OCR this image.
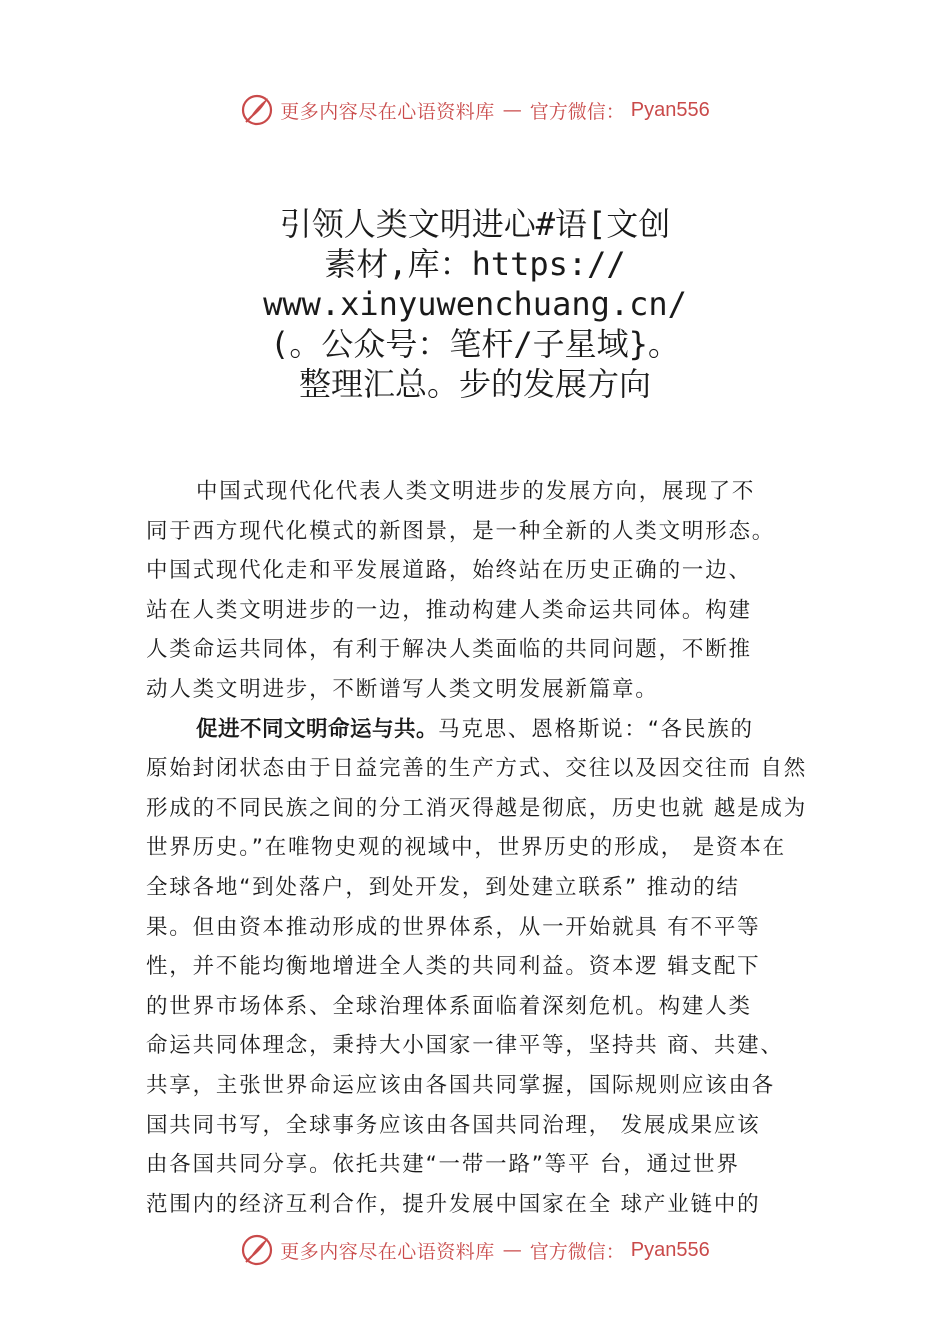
更多内容尽在心语资料库 — 官方微信： Pyan556
引领人类文明进心#语[文创
素材,库：https://
www.xinyuwenchuang.cn/
(。公众号：笔杆/子星域}。
整理汇总。步的发展方向
中国式现代化代表人类文明进步的发展方向，展现了不
同于西方现代化模式的新图景，是一种全新的人类文明形态。
中国式现代化走和平发展道路，始终站在历史正确的一边、
站在人类文明进步的一边，推动构建人类命运共同体。构建
人类命运共同体，有利于解决人类面临的共同问题，不断推
动人类文明进步，不断谱写人类文明发展新篇章。
促进不同文明命运与共。马克思、恩格斯说：“各民族的
原始封闭状态由于日益完善的生产方式、交往以及因交往而 自然
形成的不同民族之间的分工消灭得越是彻底，历史也就 越是成为
世界历史。”在唯物史观的视域中，世界历史的形成， 是资本在
全球各地“到处落户，到处开发，到处建立联系” 推动的结
果。但由资本推动形成的世界体系，从一开始就具 有不平等
性，并不能均衡地增进全人类的共同利益。资本逻 辑支配下
的世界市场体系、全球治理体系面临着深刻危机。构建人类
命运共同体理念，秉持大小国家一律平等，坚持共 商、共建、
共享，主张世界命运应该由各国共同掌握，国际规则应该由各
国共同书写，全球事务应该由各国共同治理， 发展成果应该
由各国共同分享。依托共建“一带一路”等平 台，通过世界
范围内的经济互利合作，提升发展中国家在全 球产业链中的
更多内容尽在心语资料库 — 官方微信： Pyan556
